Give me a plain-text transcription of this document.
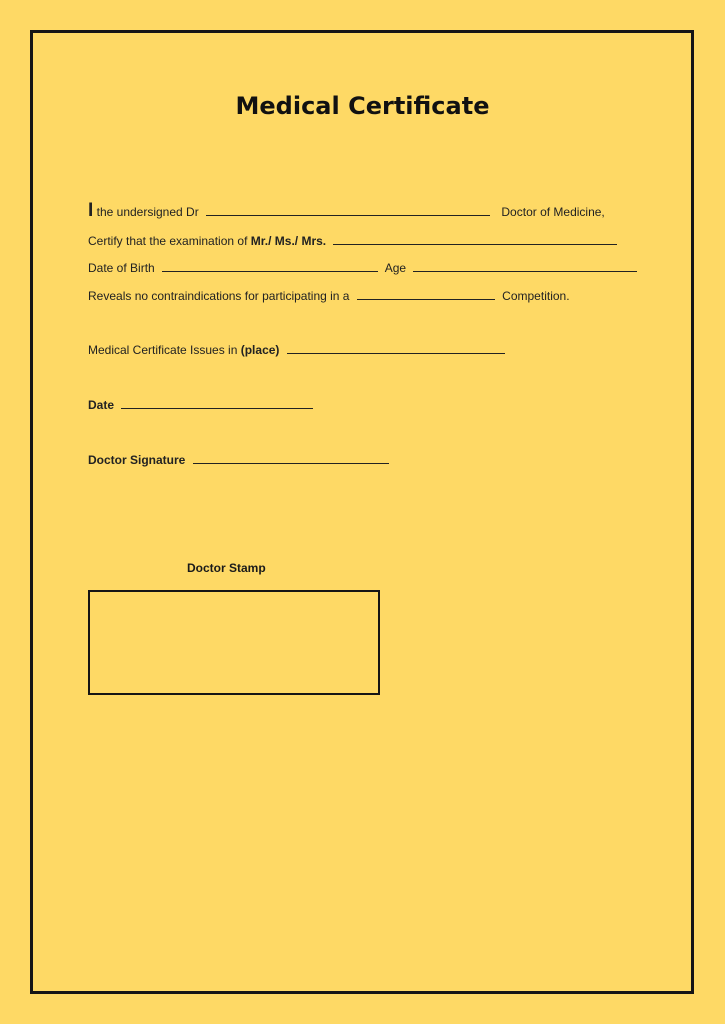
Medical Certificate
I the undersigned Dr	Doctor of Medicine,
Certify that the examination of Mr./ Ms./ Mrs.
Date of Birth	Age
Reveals no contraindications for participating in a	Competition.
Medical Certificate Issues in (place)
Date
Doctor Signature
Doctor Stamp
